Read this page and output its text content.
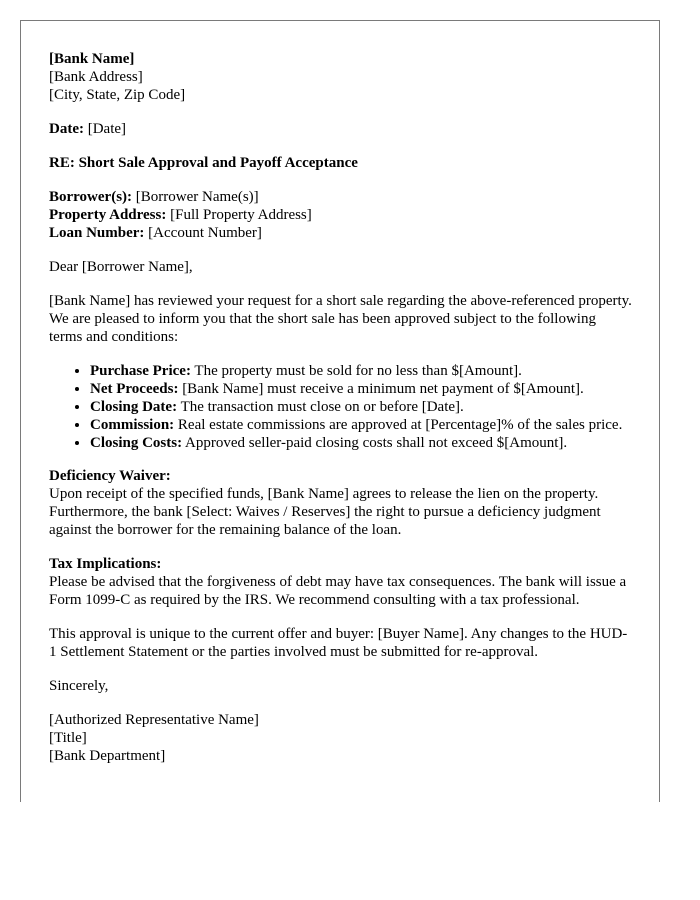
[Bank Name]

[Bank Address]

[City, State, Zip Code]

Date: [Date]

RE: Short Sale Approval and Payoff Acceptance

Borrower(s): [Borrower Name(s)]

Property Address: [Full Property Address]

Loan Number: [Account Number]

Dear [Borrower Name],

[Bank Name] has reviewed your request for a short sale regarding the above-referenced property. We are pleased to inform you that the short sale has been approved subject to the following terms and conditions:

• Purchase Price: The property must be sold for no less than $[Amount].
• Net Proceeds: [Bank Name] must receive a minimum net payment of $[Amount].
• Closing Date: The transaction must close on or before [Date].
• Commission: Real estate commissions are approved at [Percentage]% of the sales price.
• Closing Costs: Approved seller-paid closing costs shall not exceed $[Amount].

Deficiency Waiver:

Upon receipt of the specified funds, [Bank Name] agrees to release the lien on the property. Furthermore, the bank [Select: Waives / Reserves] the right to pursue a deficiency judgment against the borrower for the remaining balance of the loan.

Tax Implications:

Please be advised that the forgiveness of debt may have tax consequences. The bank will issue a Form 1099-C as required by the IRS. We recommend consulting with a tax professional.

This approval is unique to the current offer and buyer: [Buyer Name]. Any changes to the HUD-1 Settlement Statement or the parties involved must be submitted for re-approval.

Sincerely,

[Authorized Representative Name]

[Title]

[Bank Department]
